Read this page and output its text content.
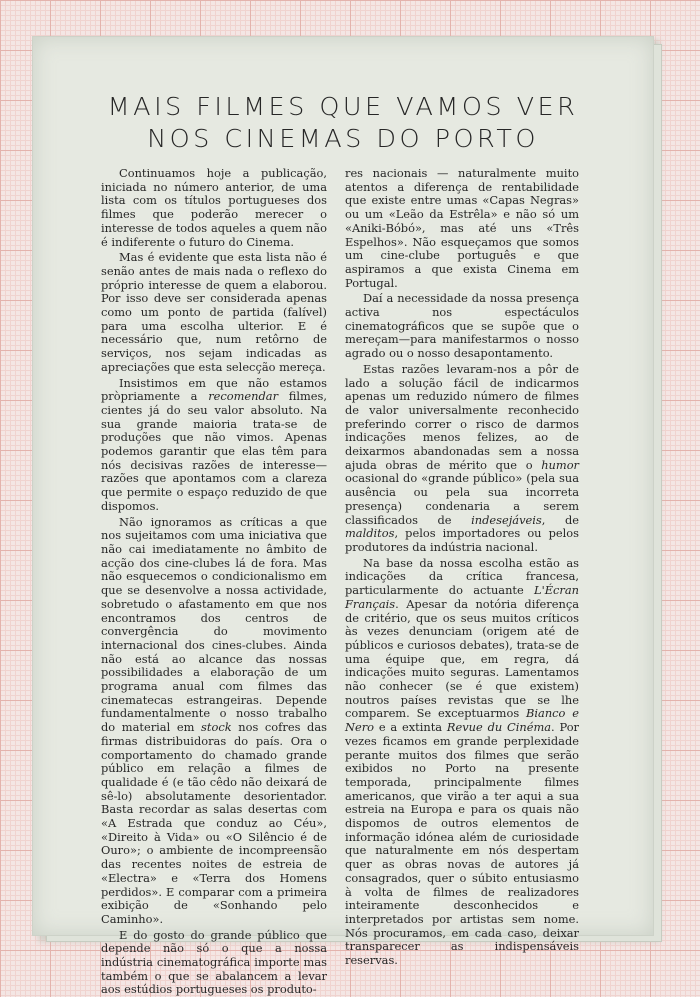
MAIS FILMES QUE VAMOS VER
NOS CINEMAS DO PORTO

Continuamos hoje a publicação, iniciada no número anterior, de uma lista com os títulos portugueses dos filmes que poderão merecer o interesse de todos aqueles a quem não é indiferente o futuro do Cinema.

Mas é evidente que esta lista não é senão antes de mais nada o reflexo do próprio interesse de quem a elaborou. Por isso deve ser considerada apenas como um ponto de partida (falível) para uma escolha ulterior. E é necessário que, num retôrno de serviços, nos sejam indicadas as apreciações que esta selecção mereça.

Insistimos em que não estamos pròpriamente a recomendar filmes, cientes já do seu valor absoluto. Na sua grande maioria trata-se de produções que não vimos. Apenas podemos garantir que elas têm para nós decisivas razões de interesse—razões que apontamos com a clareza que permite o espaço reduzido de que dispomos.

Não ignoramos as críticas a que nos sujeitamos com uma iniciativa que não cai imediatamente no âmbito de acção dos cine-clubes lá de fora. Mas não esquecemos o condicionalismo em que se desenvolve a nossa actividade, sobretudo o afastamento em que nos encontramos dos centros de convergência do movimento internacional dos cines-clubes. Ainda não está ao alcance das nossas possibilidades a elaboração de um programa anual com filmes das cinematecas estrangeiras. Depende fundamentalmente o nosso trabalho do material em stock nos cofres das firmas distribuidoras do país. Ora o comportamento do chamado grande público em relação a filmes de qualidade é (e tão cêdo não deixará de sê-lo) absolutamente desorientador. Basta recordar as salas desertas com «A Estrada que conduz ao Céu», «Direito à Vida» ou «O Silêncio é de Ouro»; o ambiente de incompreensão das recentes noites de estreia de «Electra» e «Terra dos Homens perdidos». E comparar com a primeira exibição de «Sonhando pelo Caminho».

E do gosto do grande público que depende não só o que a nossa indústria cinematográfica importe mas também o que se abalancem a levar aos estúdios portugueses os produto-

res nacionais — naturalmente muito atentos a diferença de rentabilidade que existe entre umas «Capas Negras» ou um «Leão da Estrêla» e não só um «Aniki-Bóbó», mas até uns «Três Espelhos». Não esqueçamos que somos um cine-clube português e que aspiramos a que exista Cinema em Portugal.

Daí a necessidade da nossa presença activa nos espectáculos cinematográficos que se supõe que o mereçam—para manifestarmos o nosso agrado ou o nosso desapontamento.

Estas razões levaram-nos a pôr de lado a solução fácil de indicarmos apenas um reduzido número de filmes de valor universalmente reconhecido preferindo correr o risco de darmos indicações menos felizes, ao de deixarmos abandonadas sem a nossa ajuda obras de mérito que o humor ocasional do «grande público» (pela sua ausência ou pela sua incorreta presença) condenaria a serem classificados de indesejáveis, de malditos, pelos importadores ou pelos produtores da indústria nacional.

Na base da nossa escolha estão as indicações da crítica francesa, particularmente do actuante L'Écran Français. Apesar da notória diferença de critério, que os seus muitos críticos às vezes denunciam (origem até de públicos e curiosos debates), trata-se de uma équipe que, em regra, dá indicações muito seguras. Lamentamos não conhecer (se é que existem) noutros países revistas que se lhe comparem. Se exceptuarmos Bianco e Nero e a extinta Revue du Cinéma. Por vezes ficamos em grande perplexidade perante muitos dos filmes que serão exibidos no Porto na presente temporada, principalmente filmes americanos, que virão a ter aqui a sua estreia na Europa e para os quais não dispomos de outros elementos de informação idónea além de curiosidade que naturalmente em nós despertam quer as obras novas de autores já consagrados, quer o súbito entusiasmo à volta de filmes de realizadores inteiramente desconhecidos e interpretados por artistas sem nome. Nós procuramos, em cada caso, deixar transparecer as indispensáveis reservas.
